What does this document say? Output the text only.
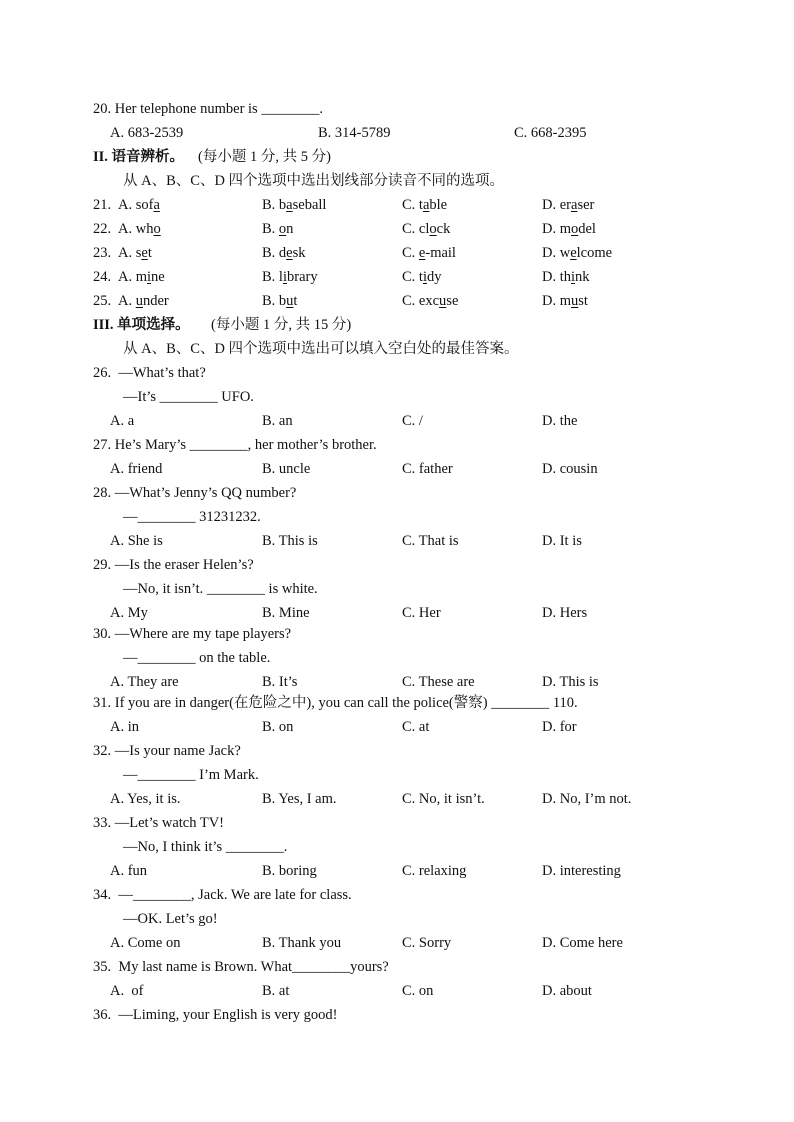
20. Her telephone number is ________.
A. 683-2539	B. 314-5789	C. 668-2395
II. 语音辨析。 (每小题 1 分, 共 5 分)
从 A、B、C、D 四个选项中选出划线部分读音不同的选项。
21. A. sofa	B. baseball	C. table	D. eraser
22. A. who	B. on	C. clock	D. model
23. A. set	B. desk	C. e-mail	D. welcome
24. A. mine	B. library	C. tidy	D. think
25. A. under	B. but	C. excuse	D. must
III. 单项选择。 (每小题 1 分, 共 15 分)
从 A、B、C、D 四个选项中选出可以填入空白处的最佳答案。
26.  —What’s that?
—It’s ________ UFO.
A. a	B. an	C. /	D. the
27. He’s Mary’s ________, her mother’s brother.
A. friend	B. uncle	C. father	D. cousin
28. —What’s Jenny’s QQ number?
—________ 31231232.
A. She is	B. This is	C. That is	D. It is
29. —Is the eraser Helen’s?
—No, it isn’t. ________ is white.
A. My	B. Mine	C. Her	D. Hers
30. —Where are my tape players?
—________ on the table.
A. They are	B. It’s	C. These are	D. This is
31. If you are in danger(在危险之中), you can call the police(警察) ________ 110.
A. in	B. on	C. at	D. for
32. —Is your name Jack?
—________ I’m Mark.
A. Yes, it is.	B. Yes, I am.	C. No, it isn’t.	D. No, I’m not.
33. —Let’s watch TV!
—No, I think it’s ________.
A. fun	B. boring	C. relaxing	D. interesting
34.  —________, Jack. We are late for class.
—OK. Let’s go!
A. Come on	B. Thank you	C. Sorry	D. Come here
35.  My last name is Brown. What________yours?
A.  of	B. at	C. on	D. about
36.  —Liming, your English is very good!
